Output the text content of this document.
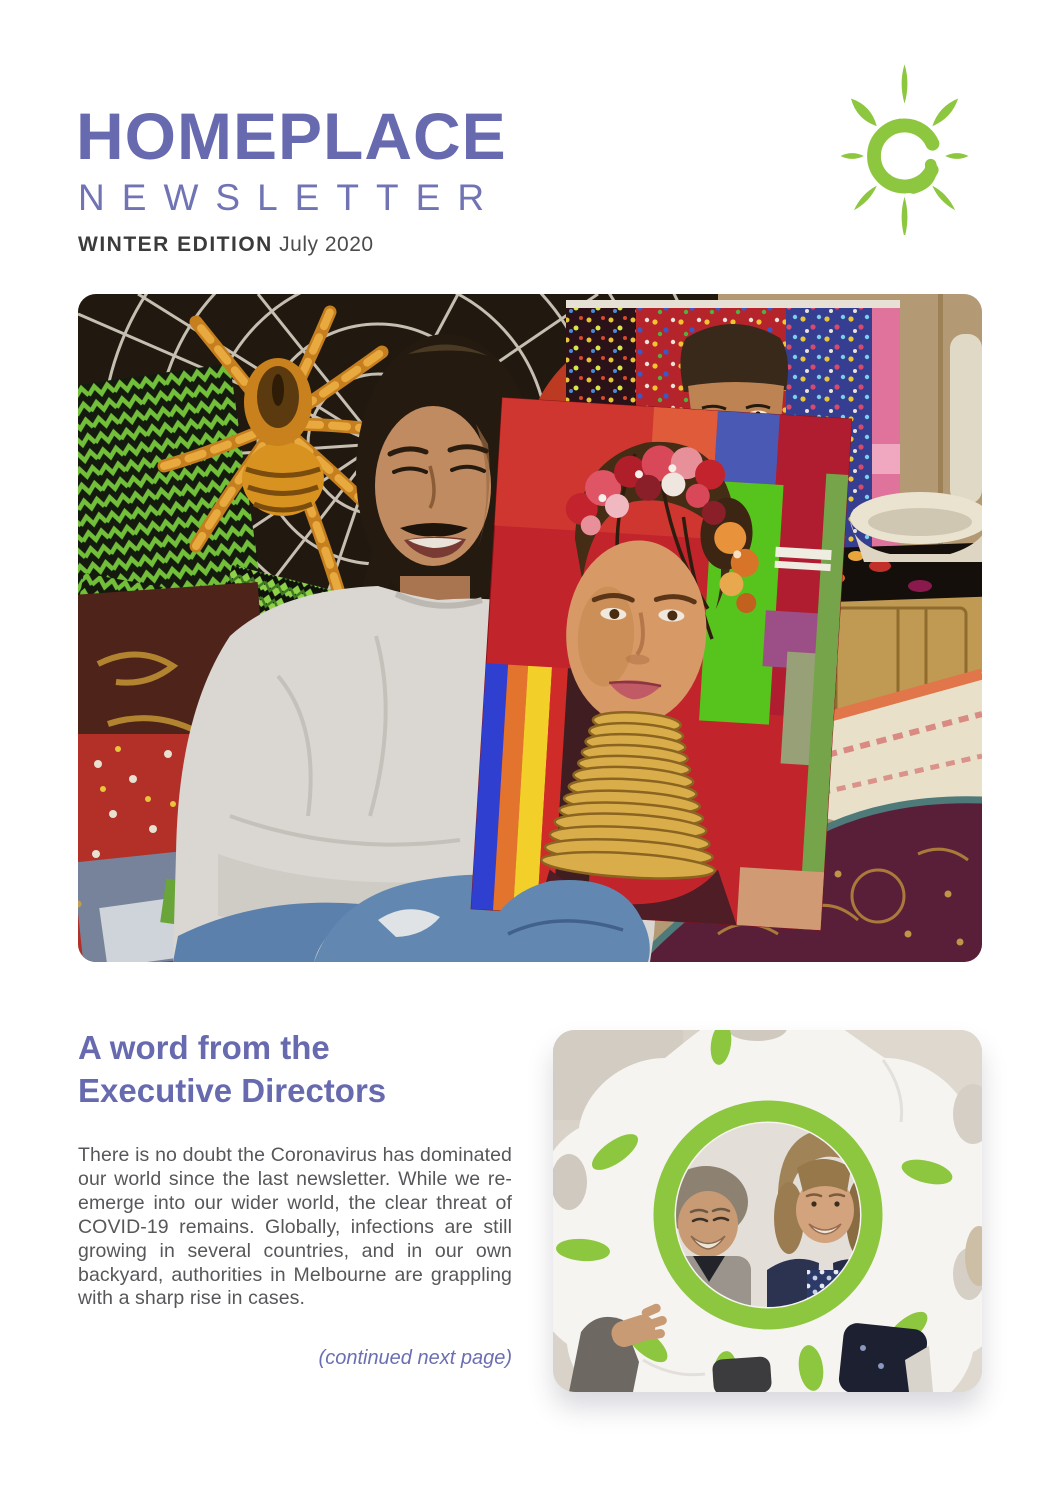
HOMEPLACE
NEWSLETTER
WINTER EDITION July 2020
A word from the
Executive Directors
There is no doubt the Coronavirus has dominated our world since the last newsletter. While we re-emerge into our wider world, the clear threat of COVID-19 remains. Globally, infections are still growing in several countries, and in our own backyard, authorities in Melbourne are grappling with a sharp rise in cases.
(continued next page)
